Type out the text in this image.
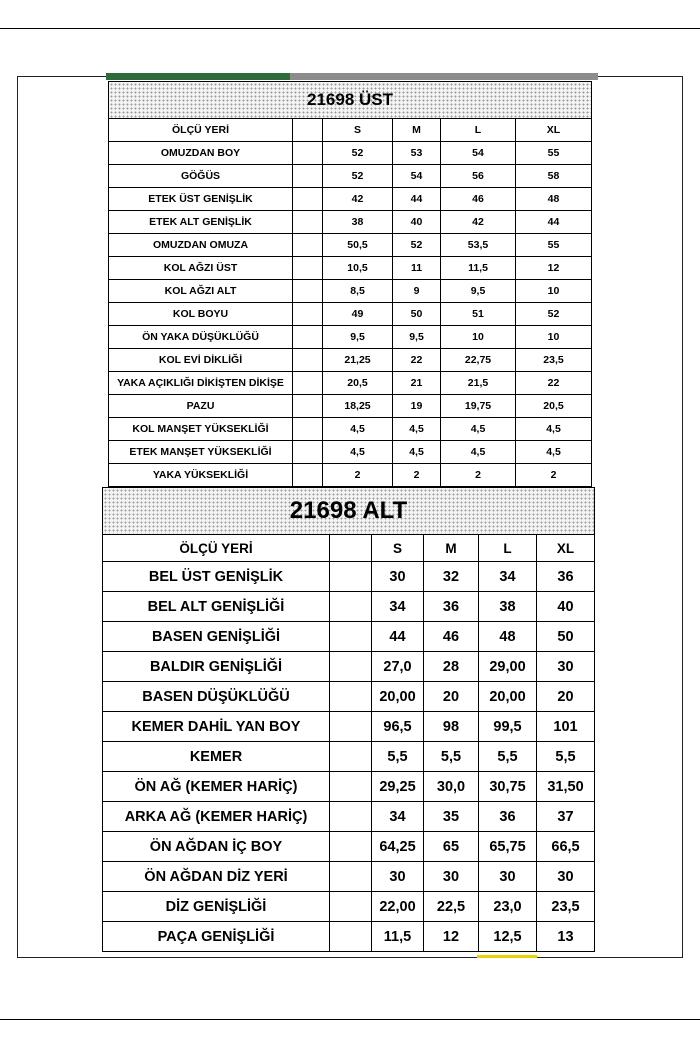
21698 ÜST					
ÖLÇÜ YERİ		S	M	L	XL
OMUZDAN BOY		52	53	54	55
GÖĞÜS		52	54	56	58
ETEK ÜST GENİŞLİK		42	44	46	48
ETEK ALT GENİŞLİK		38	40	42	44
OMUZDAN OMUZA		50,5	52	53,5	55
KOL AĞZI ÜST		10,5	11	11,5	12
KOL AĞZI ALT		8,5	9	9,5	10
KOL BOYU		49	50	51	52
ÖN YAKA DÜŞÜKLÜĞÜ		9,5	9,5	10	10
KOL EVİ DİKLİĞİ		21,25	22	22,75	23,5
YAKA AÇIKLIĞI DİKİŞTEN DİKİŞE		20,5	21	21,5	22
PAZU		18,25	19	19,75	20,5
KOL MANŞET YÜKSEKLİĞİ		4,5	4,5	4,5	4,5
ETEK MANŞET YÜKSEKLİĞİ		4,5	4,5	4,5	4,5
YAKA YÜKSEKLİĞİ		2	2	2	2
21698 ALT					
ÖLÇÜ YERİ		S	M	L	XL
BEL ÜST GENİŞLİK		30	32	34	36
BEL ALT GENİŞLİĞİ		34	36	38	40
BASEN GENİŞLİĞİ		44	46	48	50
BALDIR GENİŞLİĞİ		27,0	28	29,00	30
BASEN DÜŞÜKLÜĞÜ		20,00	20	20,00	20
KEMER DAHİL YAN BOY		96,5	98	99,5	101
KEMER		5,5	5,5	5,5	5,5
ÖN AĞ (KEMER HARİÇ)		29,25	30,0	30,75	31,50
ARKA AĞ (KEMER HARİÇ)		34	35	36	37
ÖN AĞDAN İÇ BOY		64,25	65	65,75	66,5
ÖN AĞDAN DİZ YERİ		30	30	30	30
DİZ GENİŞLİĞİ		22,00	22,5	23,0	23,5
PAÇA GENİŞLİĞİ		11,5	12	12,5	13
